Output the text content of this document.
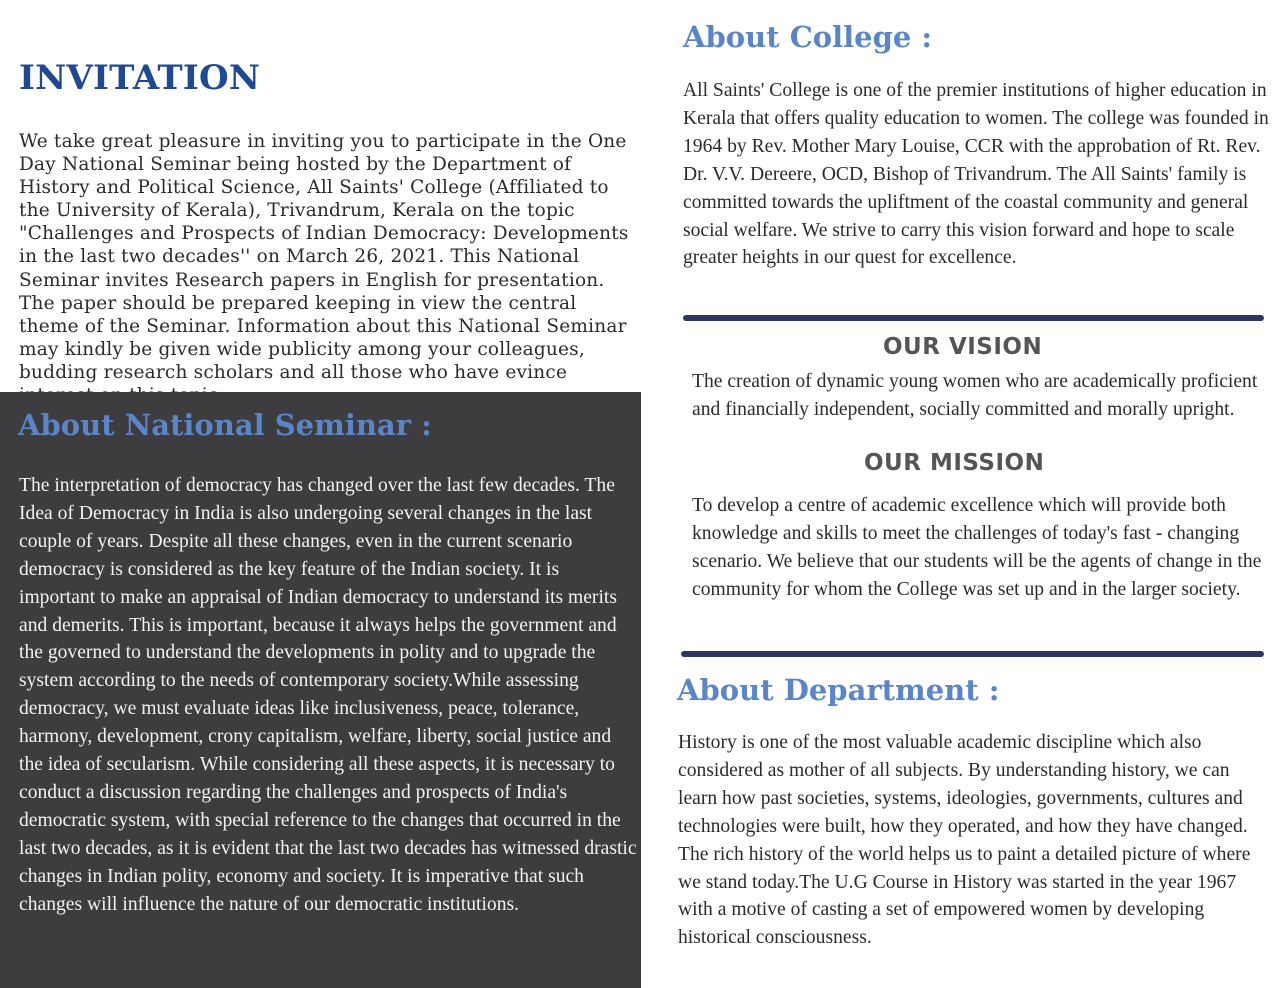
INVITATION

We take great pleasure in inviting you to participate in the One Day National Seminar being hosted by the Department of History and Political Science, All Saints' College (Affiliated to the University of Kerala), Trivandrum, Kerala on the topic "Challenges and Prospects of Indian Democracy: Developments in the last two decades'' on March 26, 2021. This National Seminar invites Research papers in English for presentation. The paper should be prepared keeping in view the central theme of the Seminar. Information about this National Seminar may kindly be given wide publicity among your colleagues, budding research scholars and all those who have evince

About National Seminar :

The interpretation of democracy has changed over the last few decades. The Idea of Democracy in India is also undergoing several changes in the last couple of years. Despite all these changes, even in the current scenario democracy is considered as the key feature of the Indian society. It is important to make an appraisal of Indian democracy to understand its merits and demerits. This is important, because it always helps the government and the governed to understand the developments in polity and to upgrade the system according to the needs of contemporary society.While assessing democracy, we must evaluate ideas like inclusiveness, peace, tolerance, harmony, development, crony capitalism, welfare, liberty, social justice and the idea of secularism. While considering all these aspects, it is necessary to conduct a discussion regarding the challenges and prospects of India's democratic system, with special reference to the changes that occurred in the last two decades, as it is evident that the last two decades has witnessed drastic changes in Indian polity, economy and society. It is imperative that such changes will influence the nature of our democratic institutions.

About College :

All Saints' College is one of the premier institutions of higher education in Kerala that offers quality education to women. The college was founded in 1964 by Rev. Mother Mary Louise, CCR with the approbation of Rt. Rev. Dr. V.V. Dereere, OCD, Bishop of Trivandrum. The All Saints' family is committed towards the upliftment of the coastal community and general social welfare. We strive to carry this vision forward and hope to scale greater heights in our quest for excellence.

OUR VISION

The creation of dynamic young women who are academically proficient and financially independent, socially committed and morally upright.

OUR MISSION

To develop a centre of academic excellence which will provide both knowledge and skills to meet the challenges of today's fast - changing scenario. We believe that our students will be the agents of change in the community for whom the College was set up and in the larger society.

About Department :

History is one of the most valuable academic discipline which also considered as mother of all subjects. By understanding history, we can learn how past societies, systems, ideologies, governments, cultures and technologies were built, how they operated, and how they have changed. The rich history of the world helps us to paint a detailed picture of where we stand today.The U.G Course in History was started in the year 1967 with a motive of casting a set of empowered women by developing historical consciousness.
